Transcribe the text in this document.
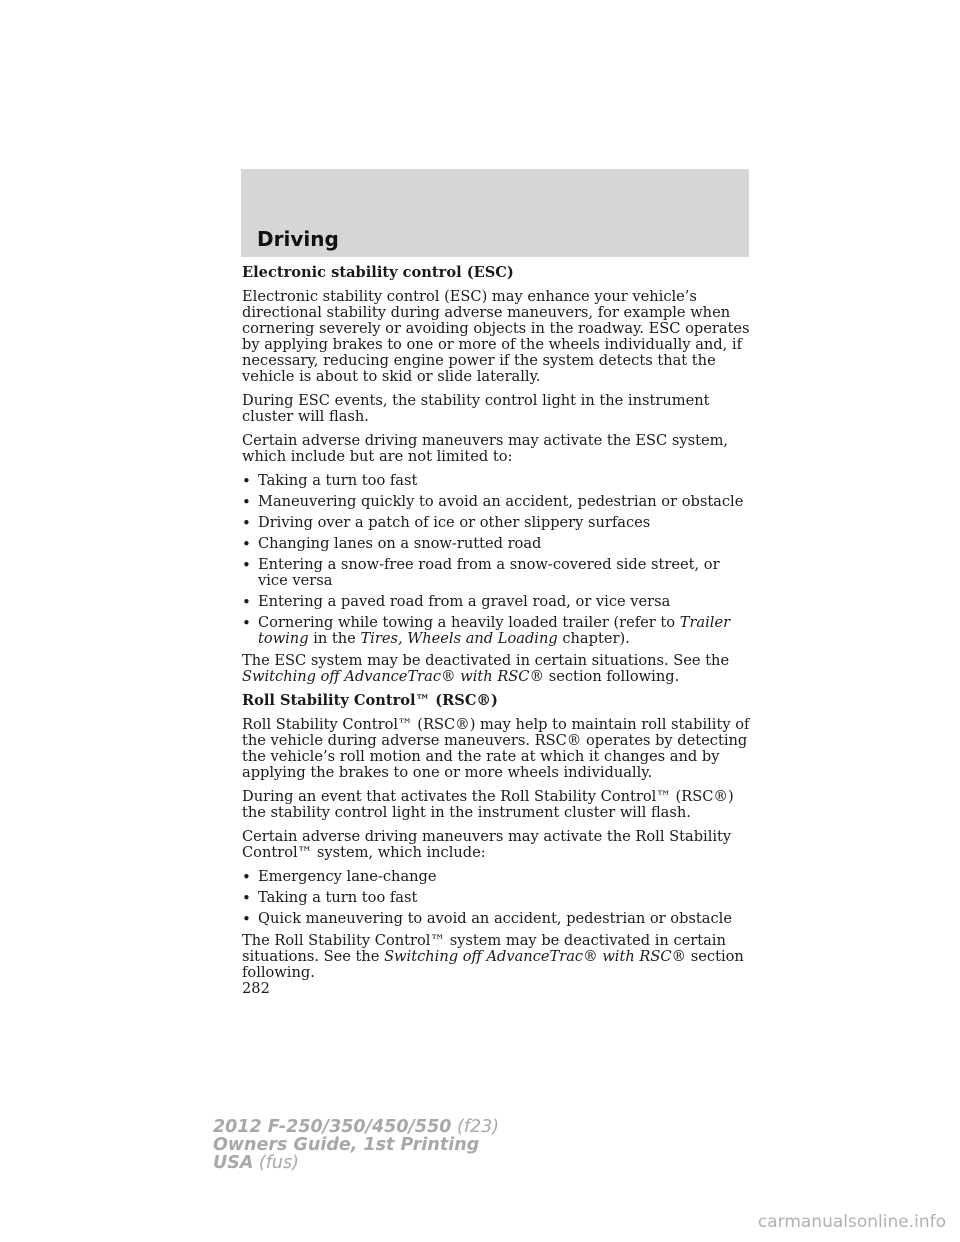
Driving
Electronic stability control (ESC)

Electronic stability control (ESC) may enhance your vehicle’s directional stability during adverse maneuvers, for example when cornering severely or avoiding objects in the roadway. ESC operates by applying brakes to one or more of the wheels individually and, if necessary, reducing engine power if the system detects that the vehicle is about to skid or slide laterally.

During ESC events, the stability control light in the instrument cluster will flash.

Certain adverse driving maneuvers may activate the ESC system, which include but are not limited to:

• Taking a turn too fast
• Maneuvering quickly to avoid an accident, pedestrian or obstacle
• Driving over a patch of ice or other slippery surfaces
• Changing lanes on a snow-rutted road
• Entering a snow-free road from a snow-covered side street, or vice versa
• Entering a paved road from a gravel road, or vice versa
• Cornering while towing a heavily loaded trailer (refer to Trailer towing in the Tires, Wheels and Loading chapter).

The ESC system may be deactivated in certain situations. See the Switching off AdvanceTrac® with RSC® section following.

Roll Stability Control™ (RSC®)

Roll Stability Control™ (RSC®) may help to maintain roll stability of the vehicle during adverse maneuvers. RSC® operates by detecting the vehicle’s roll motion and the rate at which it changes and by applying the brakes to one or more wheels individually.

During an event that activates the Roll Stability Control™ (RSC®) the stability control light in the instrument cluster will flash.

Certain adverse driving maneuvers may activate the Roll Stability Control™ system, which include:

• Emergency lane-change
• Taking a turn too fast
• Quick maneuvering to avoid an accident, pedestrian or obstacle

The Roll Stability Control™ system may be deactivated in certain situations. See the Switching off AdvanceTrac® with RSC® section following.

282
2012 F-250/350/450/550 (f23)
Owners Guide, 1st Printing
USA (fus)
carmanualsonline.info
